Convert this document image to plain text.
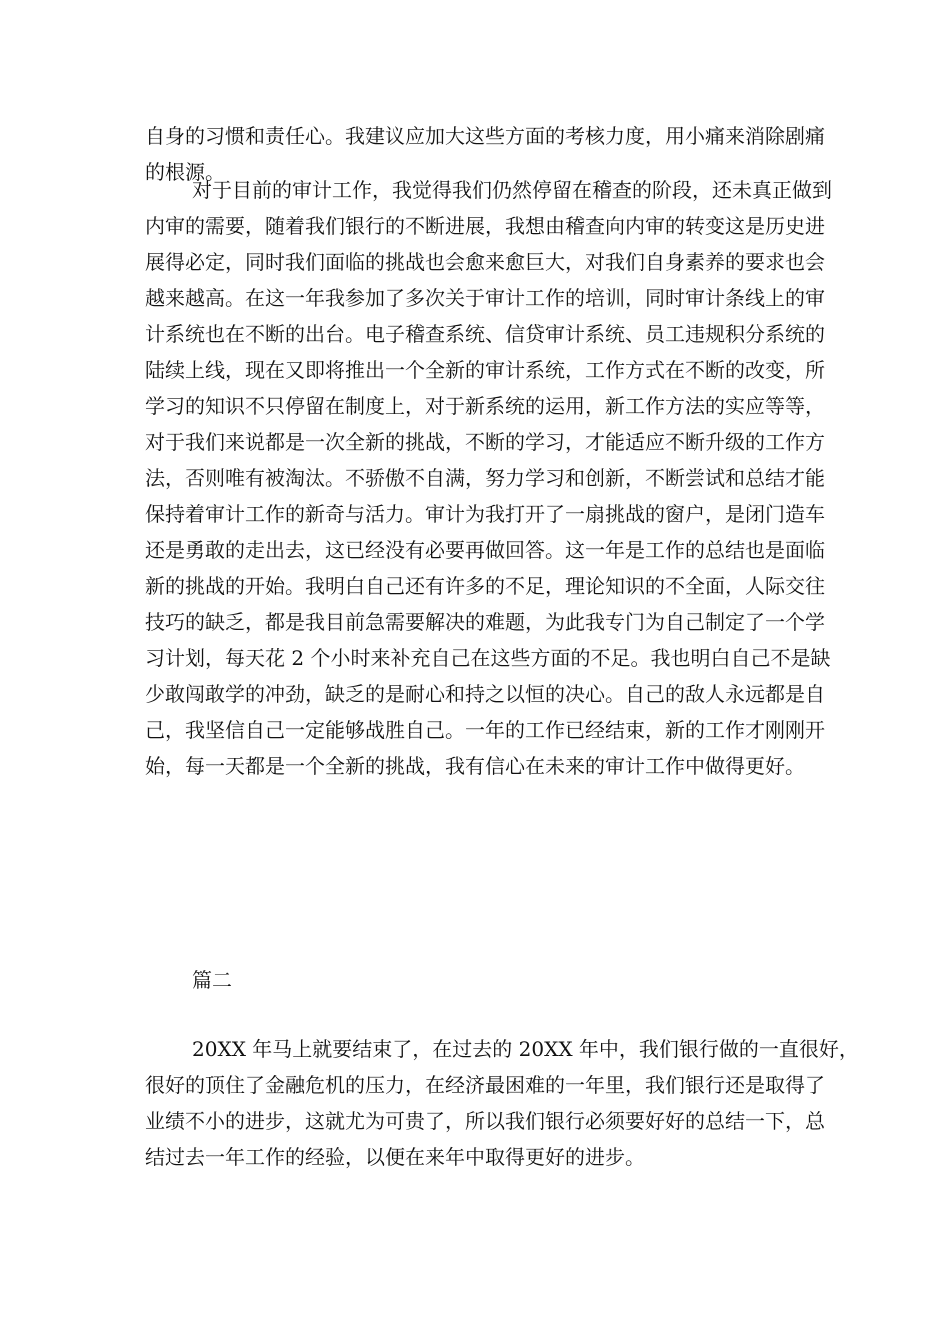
自身的习惯和责任心。我建议应加大这些方面的考核力度，用小痛来消除剧痛
的根源。
对于目前的审计工作，我觉得我们仍然停留在稽查的阶段，还未真正做到
内审的需要，随着我们银行的不断进展，我想由稽查向内审的转变这是历史进
展得必定，同时我们面临的挑战也会愈来愈巨大，对我们自身素养的要求也会
越来越高。在这一年我参加了多次关于审计工作的培训，同时审计条线上的审
计系统也在不断的出台。电子稽查系统、信贷审计系统、员工违规积分系统的
陆续上线，现在又即将推出一个全新的审计系统，工作方式在不断的改变，所
学习的知识不只停留在制度上，对于新系统的运用，新工作方法的实应等等，
对于我们来说都是一次全新的挑战，不断的学习，才能适应不断升级的工作方
法，否则唯有被淘汰。不骄傲不自满，努力学习和创新，不断尝试和总结才能
保持着审计工作的新奇与活力。审计为我打开了一扇挑战的窗户，是闭门造车
还是勇敢的走出去，这已经没有必要再做回答。这一年是工作的总结也是面临
新的挑战的开始。我明白自己还有许多的不足，理论知识的不全面，人际交往
技巧的缺乏，都是我目前急需要解决的难题，为此我专门为自己制定了一个学
习计划，每天花 2 个小时来补充自己在这些方面的不足。我也明白自己不是缺
少敢闯敢学的冲劲，缺乏的是耐心和持之以恒的决心。自己的敌人永远都是自
己，我坚信自己一定能够战胜自己。一年的工作已经结束，新的工作才刚刚开
始，每一天都是一个全新的挑战，我有信心在未来的审计工作中做得更好。
篇二
20XX 年马上就要结束了，在过去的 20XX 年中，我们银行做的一直很好，
很好的顶住了金融危机的压力，在经济最困难的一年里，我们银行还是取得了
业绩不小的进步，这就尤为可贵了，所以我们银行必须要好好的总结一下，总
结过去一年工作的经验，以便在来年中取得更好的进步。
